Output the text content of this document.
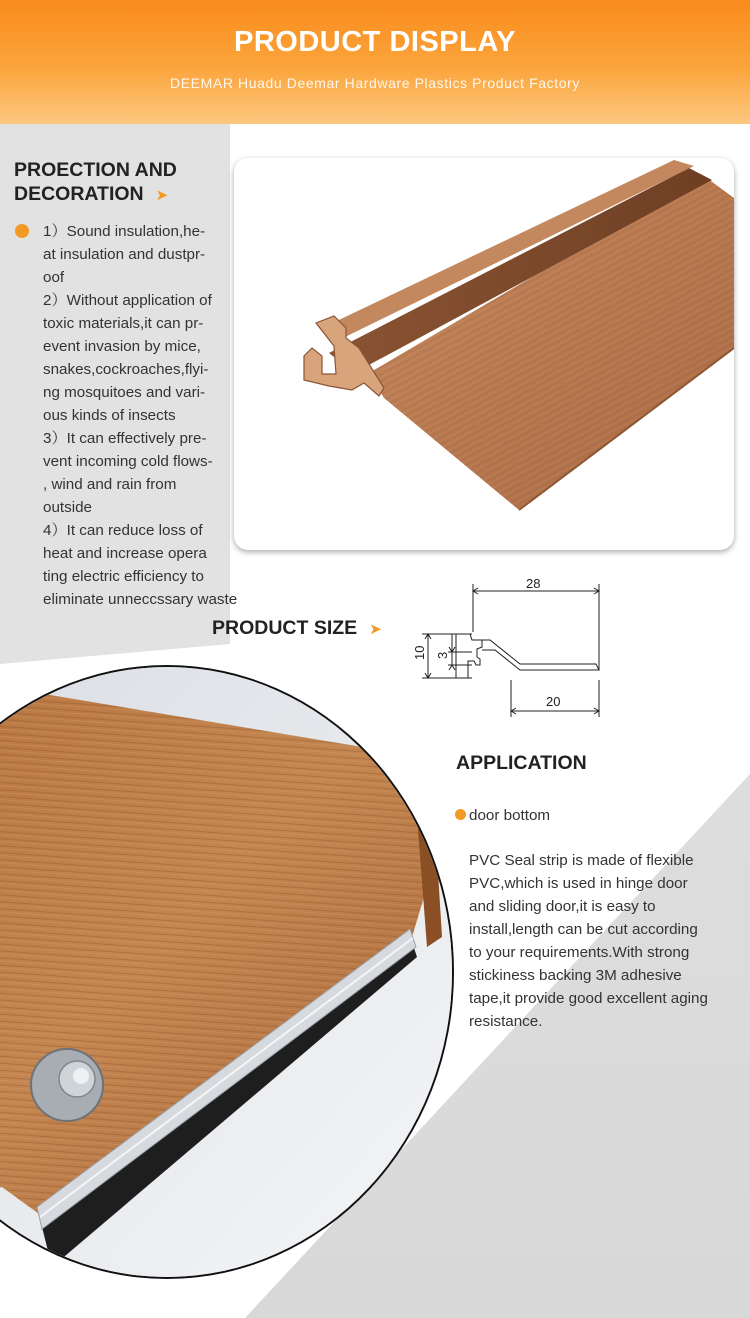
PRODUCT DISPLAY
DEEMAR Huadu Deemar Hardware Plastics Product Factory
PROECTION AND
DECORATION ➤
1）Sound insulation,he-
at insulation and dustpr-
oof
2）Without application of
toxic materials,it can pr-
event invasion by mice,
snakes,cockroaches,flyi-
ng mosquitoes and vari-
ous kinds of insects
3）It can effectively pre-
vent incoming cold flows-
, wind and rain from
outside
4）It can reduce loss of
heat and increase opera
ting electric efficiency to
eliminate unneccssary waste
PRODUCT SIZE ➤
28
20
10 3
APPLICATION
door bottom
PVC Seal strip is made of flexible
PVC,which is used in hinge door
and sliding door,it is easy to
install,length can be cut according
to your requirements.With strong
stickiness backing 3M adhesive
tape,it provide good excellent aging
resistance.
